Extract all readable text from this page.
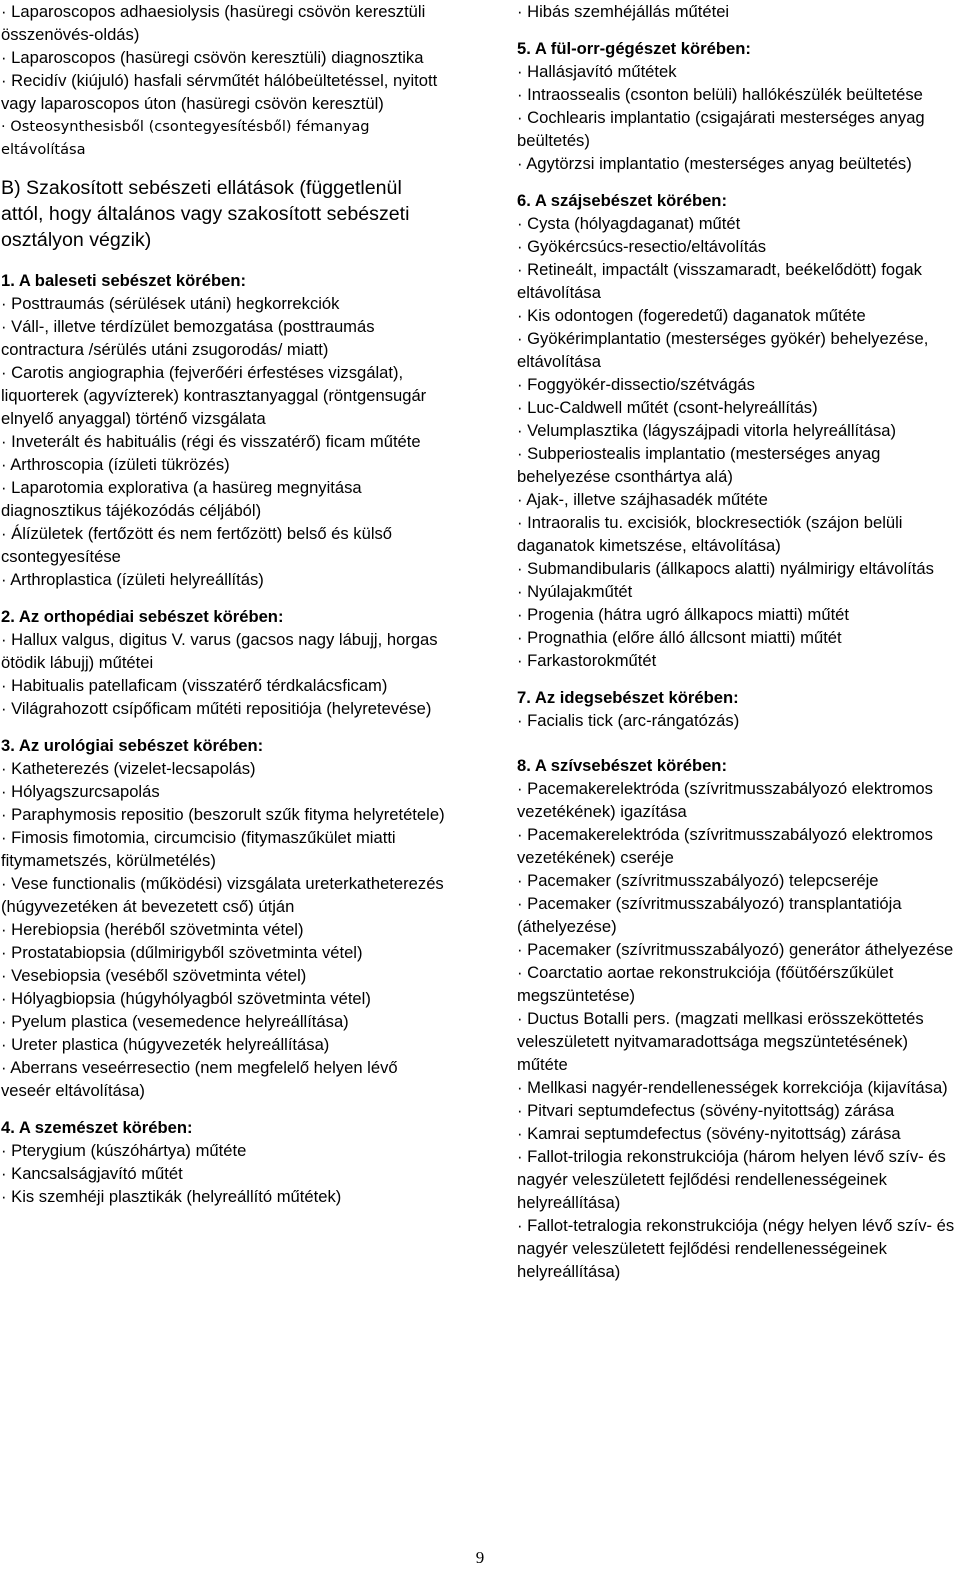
· Laparoscopos adhaesiolysis (hasüregi csövön keresztüli összenövés-oldás)

· Laparoscopos (hasüregi csövön keresztüli) diagnosztika

· Recidív (kiújuló) hasfali sérvműtét hálóbeültetéssel, nyitott vagy laparoscopos úton (hasüregi csövön keresztül)

· Osteosynthesisből (csontegyesítésből) fémanyag eltávolítása

B) Szakosított sebészeti ellátások (függetlenül attól, hogy általános vagy szakosított sebészeti osztályon végzik)

1. A baleseti sebészet körében:

· Posttraumás (sérülések utáni) hegkorrekciók

· Váll-, illetve térdízület bemozgatása (posttraumás contractura /sérülés utáni zsugorodás/ miatt)

· Carotis angiographia (fejverőéri érfestéses vizsgálat), liquorterek (agyvízterek) kontrasztanyaggal (röntgensugár elnyelő anyaggal) történő vizsgálata

· Inveterált és habituális (régi és visszatérő) ficam műtéte

· Arthroscopia (ízületi tükrözés)

· Laparotomia explorativa (a hasüreg megnyitása diagnosztikus tájékozódás céljából)

· Álízületek (fertőzött és nem fertőzött) belső és külső csontegyesítése

· Arthroplastica (ízületi helyreállítás)

2. Az orthopédiai sebészet körében:

· Hallux valgus, digitus V. varus (gacsos nagy lábujj, horgas ötödik lábujj) műtétei

· Habitualis patellaficam (visszatérő térdkalácsficam)

· Világrahozott csípőficam műtéti repositiója (helyretevése)

3. Az urológiai sebészet körében:

· Katheterezés (vizelet-lecsapolás)

· Hólyagszurcsapolás

· Paraphymosis repositio (beszorult szűk fityma helyretétele)

· Fimosis fimotomia, circumcisio (fitymaszűkület miatti fitymametszés, körülmetélés)

· Vese functionalis (működési) vizsgálata ureterkatheterezés (húgyvezetéken át bevezetett cső) útján

· Herebiopsia (heréből szövetminta vétel)

· Prostatabiopsia (dűlmirigyből szövetminta vétel)

· Vesebiopsia (veséből szövetminta vétel)

· Hólyagbiopsia (húgyhólyagból szövetminta vétel)

· Pyelum plastica (vesemedence helyreállítása)

· Ureter plastica (húgyvezeték helyreállítása)

· Aberrans veseérresectio (nem megfelelő helyen lévő veseér eltávolítása)

4. A szemészet körében:

· Pterygium (kúszóhártya) műtéte

· Kancsalságjavító műtét

· Kis szemhéji plasztikák (helyreállító műtétek)

· Hibás szemhéjállás műtétei

5. A fül-orr-gégészet körében:

· Hallásjavító műtétek

· Intraossealis (csonton belüli) hallókészülék beültetése

· Cochlearis implantatio (csigajárati mesterséges anyag beültetés)

· Agytörzsi implantatio (mesterséges anyag beültetés)

6. A szájsebészet körében:

· Cysta (hólyagdaganat) műtét

· Gyökércsúcs-resectio/eltávolítás

· Retineált, impactált (visszamaradt, beékelődött) fogak eltávolítása

· Kis odontogen (fogeredetű) daganatok műtéte

· Gyökérimplantatio (mesterséges gyökér) behelyezése, eltávolítása

· Foggyökér-dissectio/szétvágás

· Luc-Caldwell műtét (csont-helyreállítás)

· Velumplasztika (lágyszájpadi vitorla helyreállítása)

· Subperiostealis implantatio (mesterséges anyag behelyezése csonthártya alá)

· Ajak-, illetve szájhasadék műtéte

· Intraoralis tu. excisiók, blockresectiók (szájon belüli daganatok kimetszése, eltávolítása)

· Submandibularis (állkapocs alatti) nyálmirigy eltávolítás

· Nyúlajakműtét

· Progenia (hátra ugró állkapocs miatti) műtét

· Prognathia (előre álló állcsont miatti) műtét

· Farkastorokműtét

7. Az idegsebészet körében:

· Facialis tick (arc-rángatózás)

8. A szívsebészet körében:

· Pacemakerelektróda (szívritmusszabályozó elektromos vezetékének) igazítása

· Pacemakerelektróda (szívritmusszabályozó elektromos vezetékének) cseréje

· Pacemaker (szívritmusszabályozó) telepcseréje

· Pacemaker (szívritmusszabályozó) transplantatiója (áthelyezése)

· Pacemaker (szívritmusszabályozó) generátor áthelyezése

· Coarctatio aortae rekonstrukciója (főütőérszűkület megszüntetése)

· Ductus Botalli pers. (magzati mellkasi erösszeköttetés veleszületett nyitvamaradottsága megszüntetésének) műtéte

· Mellkasi nagyér-rendellenességek korrekciója (kijavítása)

· Pitvari septumdefectus (sövény-nyitottság) zárása

· Kamrai septumdefectus (sövény-nyitottság) zárása

· Fallot-trilogia rekonstrukciója (három helyen lévő szív- és nagyér veleszületett fejlődési rendellenességeinek helyreállítása)

· Fallot-tetralogia rekonstrukciója (négy helyen lévő szív- és nagyér veleszületett fejlődési rendellenességeinek helyreállítása)

9
